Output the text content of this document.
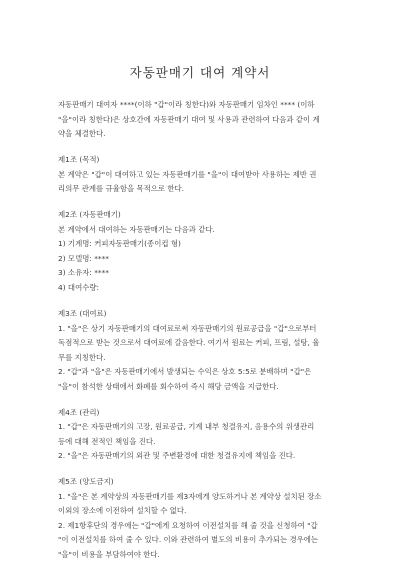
자동판매기 대여 계약서
자동판매기 대여자 ****(이하 "갑"이라 칭한다)와 자동판매기 임차인 **** (이하
"을"이라 칭한다)은 상호간에 자동판매기 대여 및 사용과 관련하여 다음과 같이 계
약을 체결한다.
제1조 (목적)
본 계약은 "갑"이 대여하고 있는 자동판매기를 "을"이 대여받아 사용하는 제반 권
리의무 관계를 규율함을 목적으로 한다.
제2조 (자동판매기)
본 계약에서 대여하는 자동판매기는 다음과 같다.
1) 기계명: 커피자동판매기(종이컵 형)
2) 모델명: ****
3) 소유자: ****
4) 대여수량:
제3조 (대여료)
1. "을"은 상기 자동판매기의 대여료로써 자동판매기의 원료공급을 "갑"으로부터
독점적으로 받는 것으로서 대여료에 갈음한다. 여기서 원료는 커피, 프림, 설탕, 율
무를 지칭한다.
2. "갑"과 "을"은 자동판매기에서 발생되는 수익은 상호 5:5로 분배하며 "갑"은
"을"이 참석한 상태에서 화폐를 회수하여 즉시 해당 금액을 지급한다.
제4조 (관리)
1. "갑"은 자동판매기의 고장, 원료공급, 기계 내부 청결유지, 음용수의 위생관리
등에 대해 전적인 책임을 진다.
2. "을"은 자동판매기의 외관 및 주변환경에 대한 청결유지에 책임을 진다.
제5조 (양도금지)
1. "을"은 본 계약상의 자동판매기를 제3자에게 양도하거나 본 계약상 설치된 장소
이외의 장소에 이전하여 설치할 수 없다.
2. 제1항후단의 경우에는 "갑"에게 요청하여 이전설치를 해 줄 것을 신청하여 "갑
"이 이전설치를 하여 줄 수 있다. 이와 관련하여 별도의 비용이 추가되는 경우에는
"을"이 비용을 부담하여야 한다.
